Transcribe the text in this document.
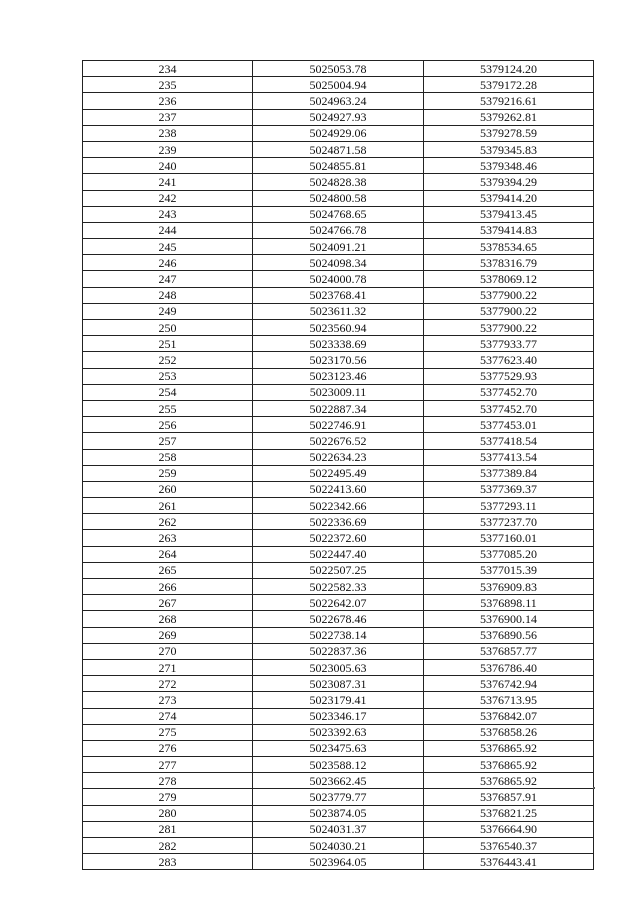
234	5025053.78	5379124.20
235	5025004.94	5379172.28
236	5024963.24	5379216.61
237	5024927.93	5379262.81
238	5024929.06	5379278.59
239	5024871.58	5379345.83
240	5024855.81	5379348.46
241	5024828.38	5379394.29
242	5024800.58	5379414.20
243	5024768.65	5379413.45
244	5024766.78	5379414.83
245	5024091.21	5378534.65
246	5024098.34	5378316.79
247	5024000.78	5378069.12
248	5023768.41	5377900.22
249	5023611.32	5377900.22
250	5023560.94	5377900.22
251	5023338.69	5377933.77
252	5023170.56	5377623.40
253	5023123.46	5377529.93
254	5023009.11	5377452.70
255	5022887.34	5377452.70
256	5022746.91	5377453.01
257	5022676.52	5377418.54
258	5022634.23	5377413.54
259	5022495.49	5377389.84
260	5022413.60	5377369.37
261	5022342.66	5377293.11
262	5022336.69	5377237.70
263	5022372.60	5377160.01
264	5022447.40	5377085.20
265	5022507.25	5377015.39
266	5022582.33	5376909.83
267	5022642.07	5376898.11
268	5022678.46	5376900.14
269	5022738.14	5376890.56
270	5022837.36	5376857.77
271	5023005.63	5376786.40
272	5023087.31	5376742.94
273	5023179.41	5376713.95
274	5023346.17	5376842.07
275	5023392.63	5376858.26
276	5023475.63	5376865.92
277	5023588.12	5376865.92
278	5023662.45	5376865.92
279	5023779.77	5376857.91
280	5023874.05	5376821.25
281	5024031.37	5376664.90
282	5024030.21	5376540.37
283	5023964.05	5376443.41
